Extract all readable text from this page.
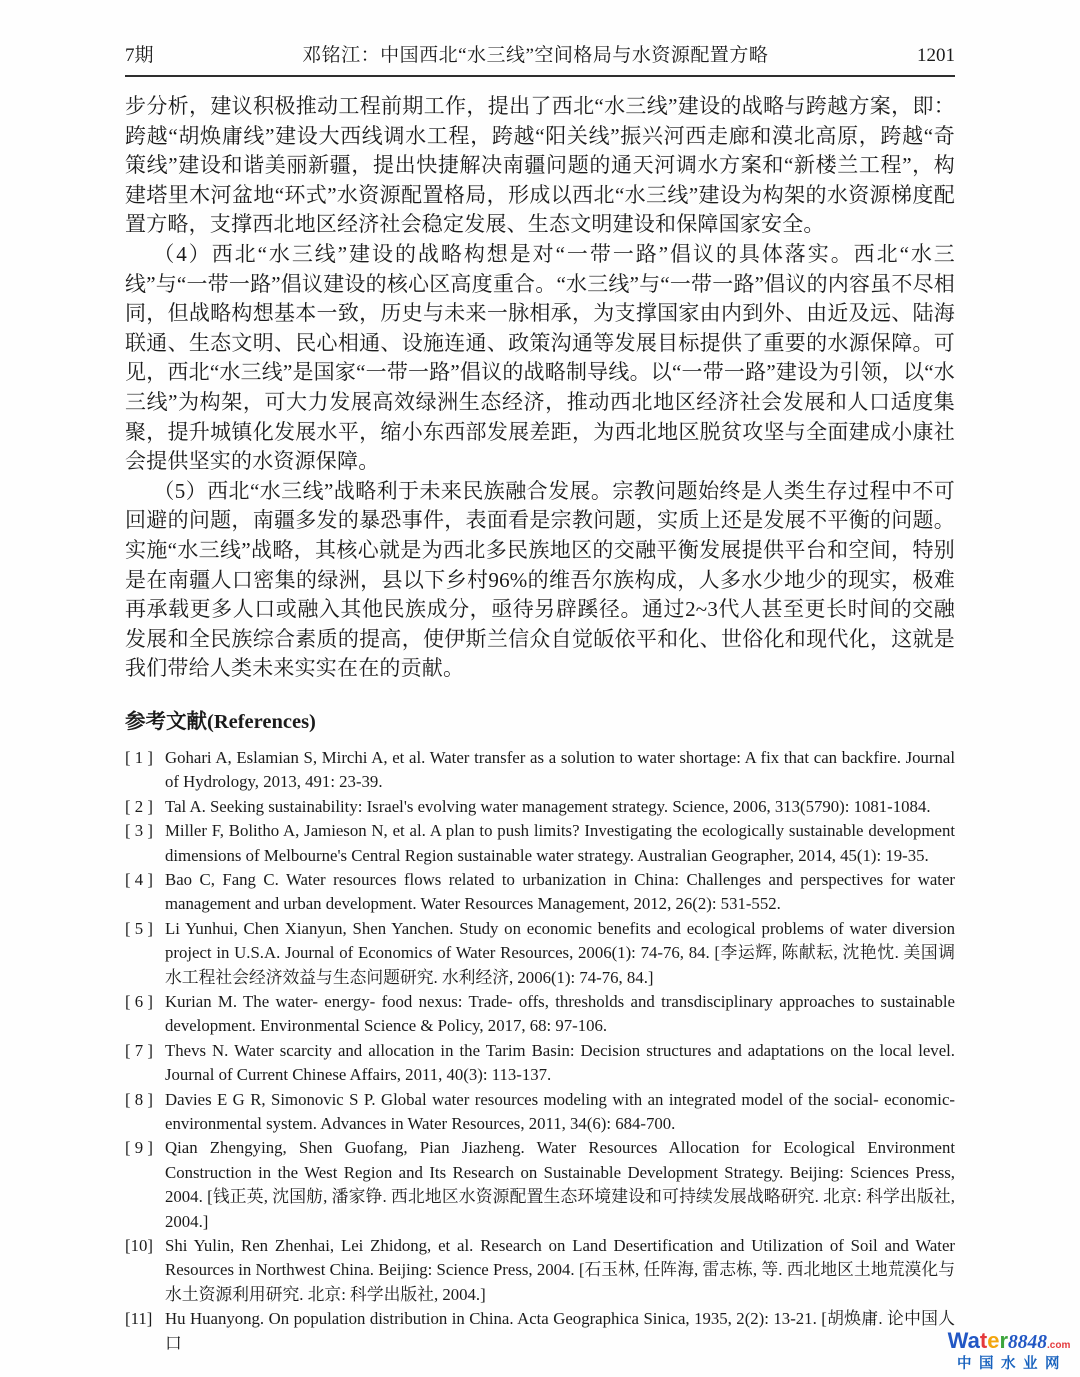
7期	邓铭江：中国西北“水三线”空间格局与水资源配置方略	1201

步分析，建议积极推动工程前期工作，提出了西北“水三线”建设的战略与跨越方案，即：跨越“胡焕庸线”建设大西线调水工程，跨越“阳关线”振兴河西走廊和漠北高原，跨越“奇策线”建设和谐美丽新疆，提出快捷解决南疆问题的通天河调水方案和“新楼兰工程”，构建塔里木河盆地“环式”水资源配置格局，形成以西北“水三线”建设为构架的水资源梯度配置方略，支撑西北地区经济社会稳定发展、生态文明建设和保障国家安全。

（4）西北“水三线”建设的战略构想是对“一带一路”倡议的具体落实。西北“水三线”与“一带一路”倡议建设的核心区高度重合。“水三线”与“一带一路”倡议的内容虽不尽相同，但战略构想基本一致，历史与未来一脉相承，为支撑国家由内到外、由近及远、陆海联通、生态文明、民心相通、设施连通、政策沟通等发展目标提供了重要的水源保障。可见，西北“水三线”是国家“一带一路”倡议的战略制导线。以“一带一路”建设为引领，以“水三线”为构架，可大力发展高效绿洲生态经济，推动西北地区经济社会发展和人口适度集聚，提升城镇化发展水平，缩小东西部发展差距，为西北地区脱贫攻坚与全面建成小康社会提供坚实的水资源保障。

（5）西北“水三线”战略利于未来民族融合发展。宗教问题始终是人类生存过程中不可回避的问题，南疆多发的暴恐事件，表面看是宗教问题，实质上还是发展不平衡的问题。实施“水三线”战略，其核心就是为西北多民族地区的交融平衡发展提供平台和空间，特别是在南疆人口密集的绿洲，县以下乡村96%的维吾尔族构成，人多水少地少的现实，极难再承载更多人口或融入其他民族成分，亟待另辟蹊径。通过2~3代人甚至更长时间的交融发展和全民族综合素质的提高，使伊斯兰信众自觉皈依平和化、世俗化和现代化，这就是我们带给人类未来实实在在的贡献。

参考文献(References)
[ 1 ] Gohari A, Eslamian S, Mirchi A, et al. Water transfer as a solution to water shortage: A fix that can backfire. Journal of Hydrology, 2013, 491: 23-39.
[ 2 ] Tal A. Seeking sustainability: Israel's evolving water management strategy. Science, 2006, 313(5790): 1081-1084.
[ 3 ] Miller F, Bolitho A, Jamieson N, et al. A plan to push limits? Investigating the ecologically sustainable development dimensions of Melbourne's Central Region sustainable water strategy. Australian Geographer, 2014, 45(1): 19-35.
[ 4 ] Bao C, Fang C. Water resources flows related to urbanization in China: Challenges and perspectives for water management and urban development. Water Resources Management, 2012, 26(2): 531-552.
[ 5 ] Li Yunhui, Chen Xianyun, Shen Yanchen. Study on economic benefits and ecological problems of water diversion project in U.S.A. Journal of Economics of Water Resources, 2006(1): 74-76, 84. [李运辉, 陈献耘, 沈艳忱. 美国调水工程社会经济效益与生态问题研究. 水利经济, 2006(1): 74-76, 84.]
[ 6 ] Kurian M. The water- energy- food nexus: Trade- offs, thresholds and transdisciplinary approaches to sustainable development. Environmental Science & Policy, 2017, 68: 97-106.
[ 7 ] Thevs N. Water scarcity and allocation in the Tarim Basin: Decision structures and adaptations on the local level. Journal of Current Chinese Affairs, 2011, 40(3): 113-137.
[ 8 ] Davies E G R, Simonovic S P. Global water resources modeling with an integrated model of the social- economic- environmental system. Advances in Water Resources, 2011, 34(6): 684-700.
[ 9 ] Qian Zhengying, Shen Guofang, Pian Jiazheng. Water Resources Allocation for Ecological Environment Construction in the West Region and Its Research on Sustainable Development Strategy. Beijing: Sciences Press, 2004. [钱正英, 沈国舫, 潘家铮. 西北地区水资源配置生态环境建设和可持续发展战略研究. 北京: 科学出版社, 2004.]
[10] Shi Yulin, Ren Zhenhai, Lei Zhidong, et al. Research on Land Desertification and Utilization of Soil and Water Resources in Northwest China. Beijing: Science Press, 2004. [石玉林, 任阵海, 雷志栋, 等. 西北地区土地荒漠化与水土资源利用研究. 北京: 科学出版社, 2004.]
[11] Hu Huanyong. On population distribution in China. Acta Geographica Sinica, 1935, 2(2): 13-21. [胡焕庸. 论中国人口	Water8848.com
中国水业网
